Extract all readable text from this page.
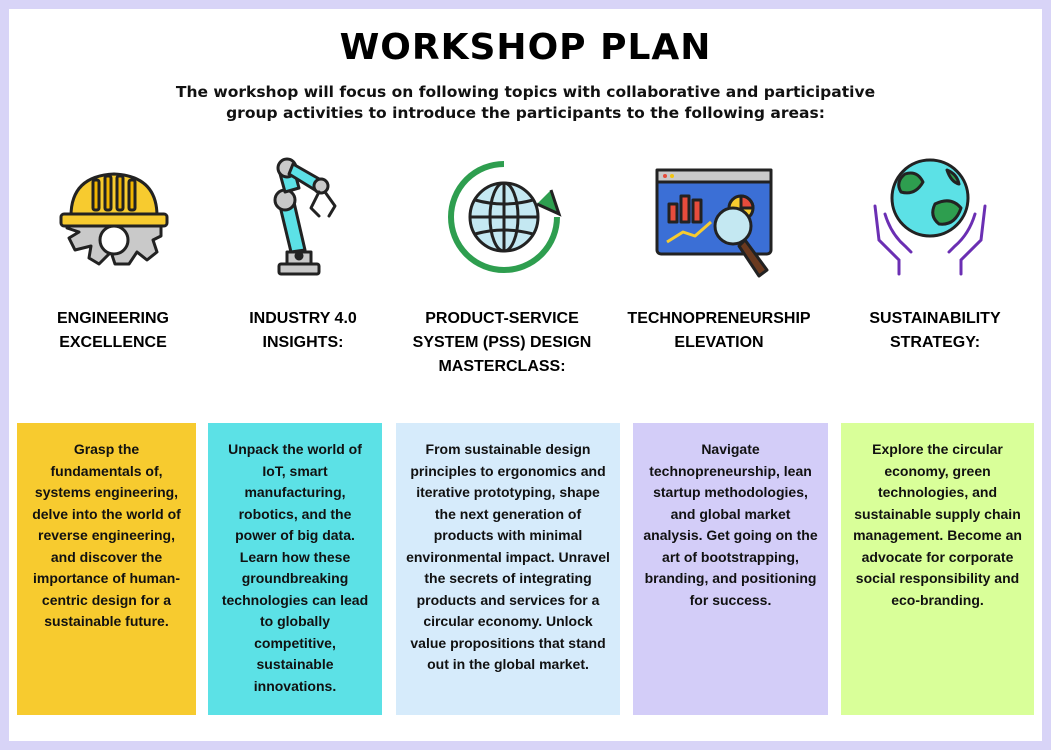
WORKSHOP PLAN
The workshop will focus on following topics with collaborative and participative group activities to introduce the participants to the following areas:
ENGINEERING EXCELLENCE
INDUSTRY 4.0 INSIGHTS:
PRODUCT-SERVICE SYSTEM (PSS) DESIGN MASTERCLASS:
TECHNOPRENEURSHIP ELEVATION
SUSTAINABILITY STRATEGY:
Grasp the fundamentals of, systems engineering, delve into the world of reverse engineering, and discover the importance of human-centric design for a sustainable future.
Unpack the world of IoT, smart manufacturing, robotics, and the power of big data. Learn how these groundbreaking technologies can lead to globally competitive, sustainable innovations.
From sustainable design principles to ergonomics and iterative prototyping, shape the next generation of products with minimal environmental impact. Unravel the secrets of integrating products and services for a circular economy. Unlock value propositions that stand out in the global market.
Navigate technopreneurship, lean startup methodologies, and global market analysis. Get going on the art of bootstrapping, branding, and positioning for success.
Explore the circular economy, green technologies, and sustainable supply chain management. Become an advocate for corporate social responsibility and eco-branding.
